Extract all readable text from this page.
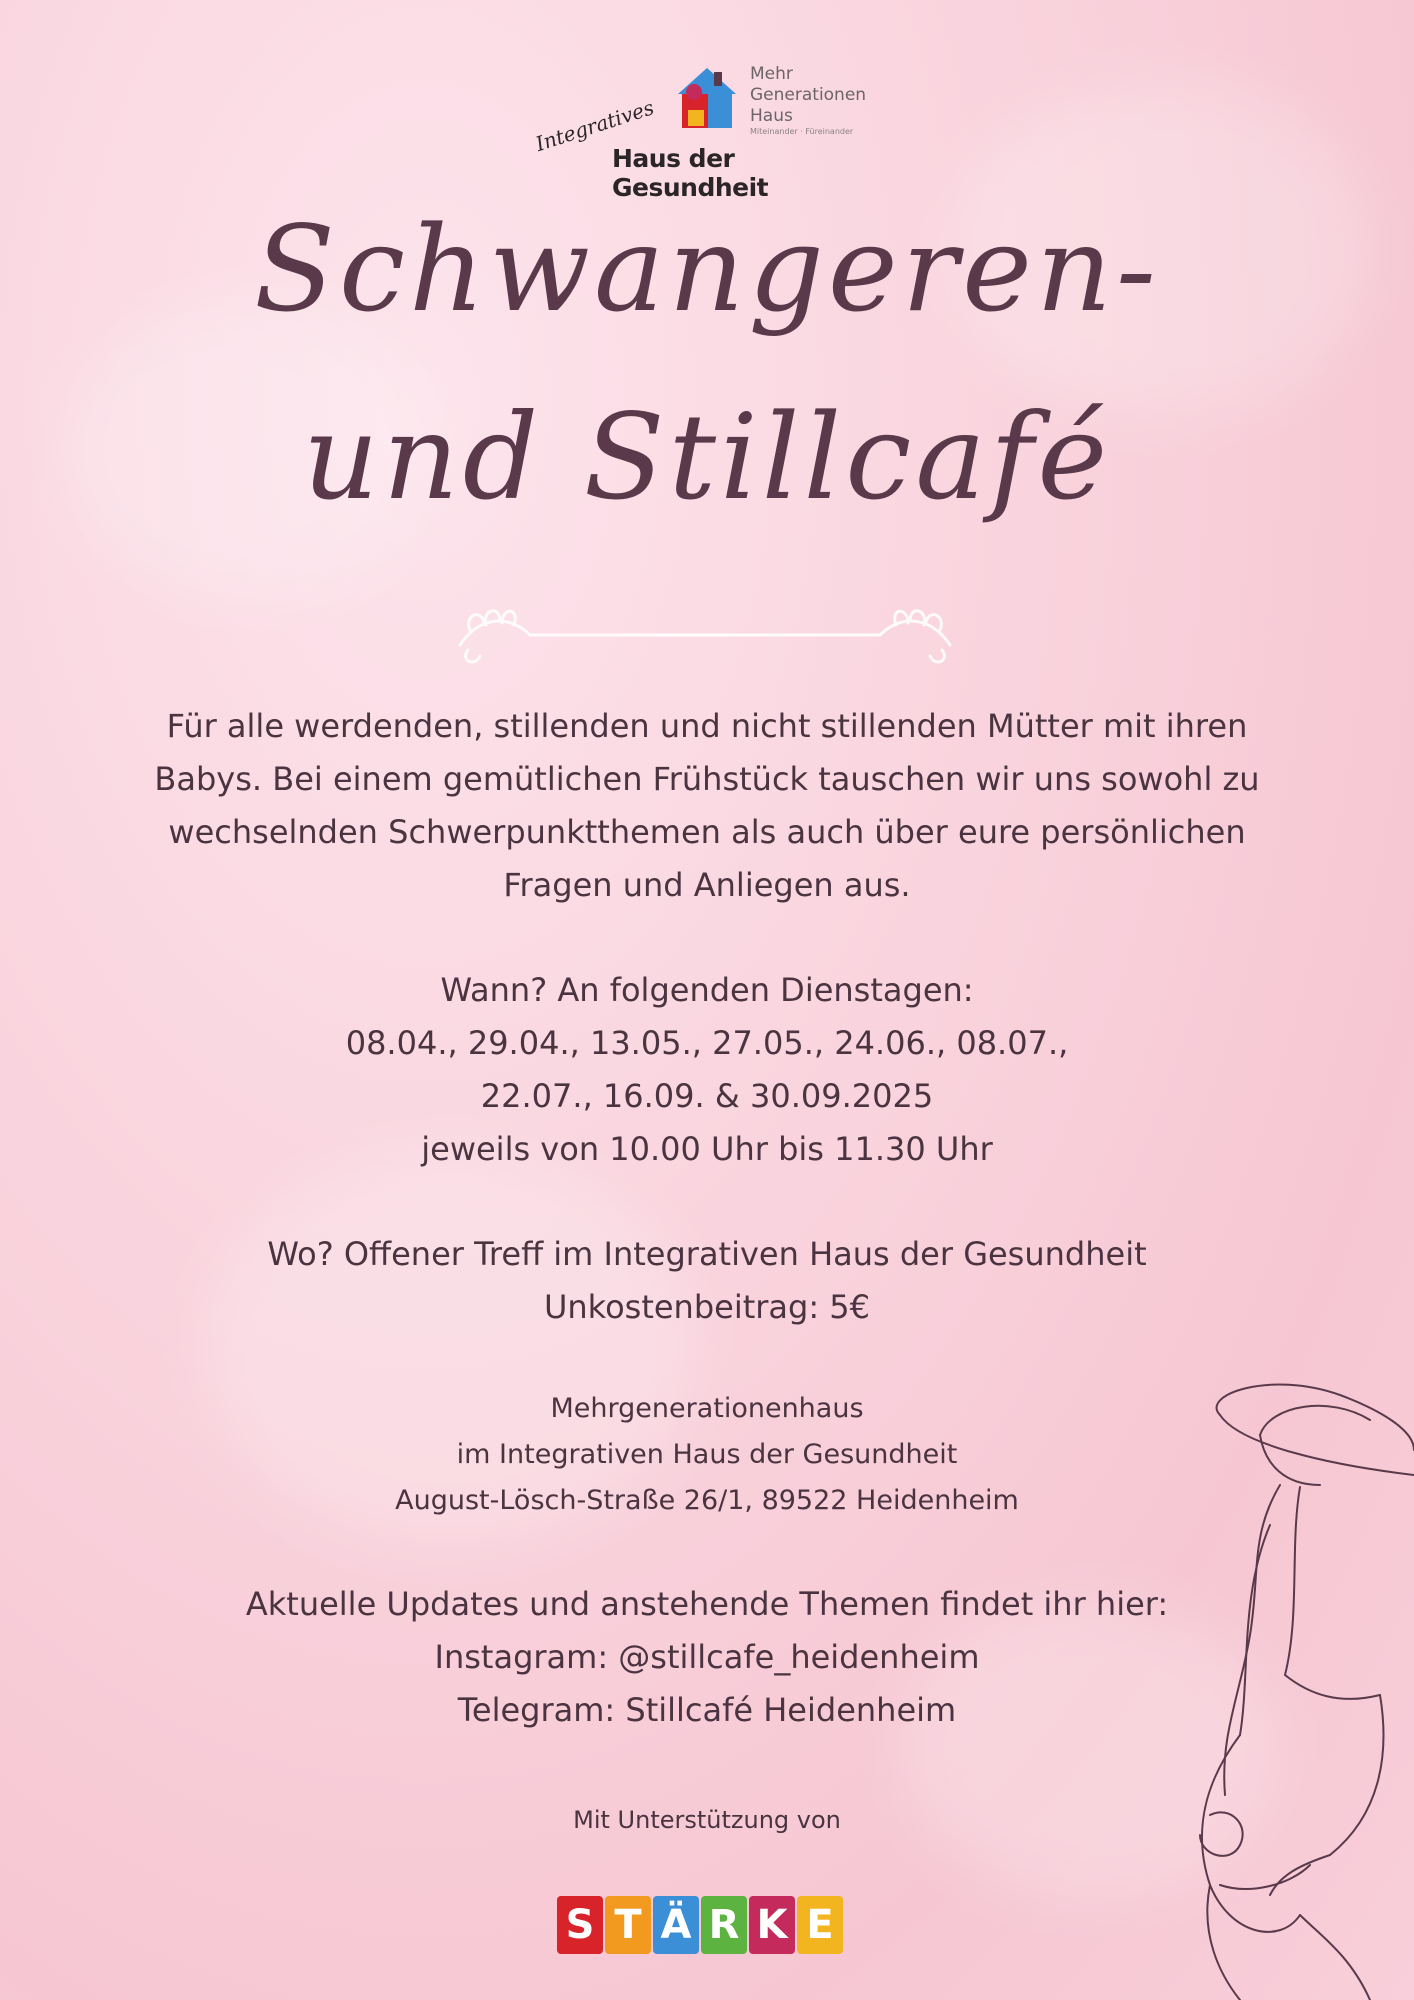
Mehr
Generationen
Haus
Miteinander · Füreinander
Integratives
Haus der Gesundheit
Schwangeren-
und Stillcafé

Für alle werdenden, stillenden und nicht stillenden Mütter mit ihren
Babys. Bei einem gemütlichen Frühstück tauschen wir uns sowohl zu
wechselnden Schwerpunktthemen als auch über eure persönlichen
Fragen und Anliegen aus.

Wann? An folgenden Dienstagen:
08.04., 29.04., 13.05., 27.05., 24.06., 08.07.,
22.07., 16.09. & 30.09.2025
jeweils von 10.00 Uhr bis 11.30 Uhr

Wo? Offener Treff im Integrativen Haus der Gesundheit
Unkostenbeitrag: 5€

Mehrgenerationenhaus
im Integrativen Haus der Gesundheit
August-Lösch-Straße 26/1, 89522 Heidenheim

Aktuelle Updates und anstehende Themen findet ihr hier:
Instagram: @stillcafe_heidenheim
Telegram: Stillcafé Heidenheim

Mit Unterstützung von

S T Ä R K E
